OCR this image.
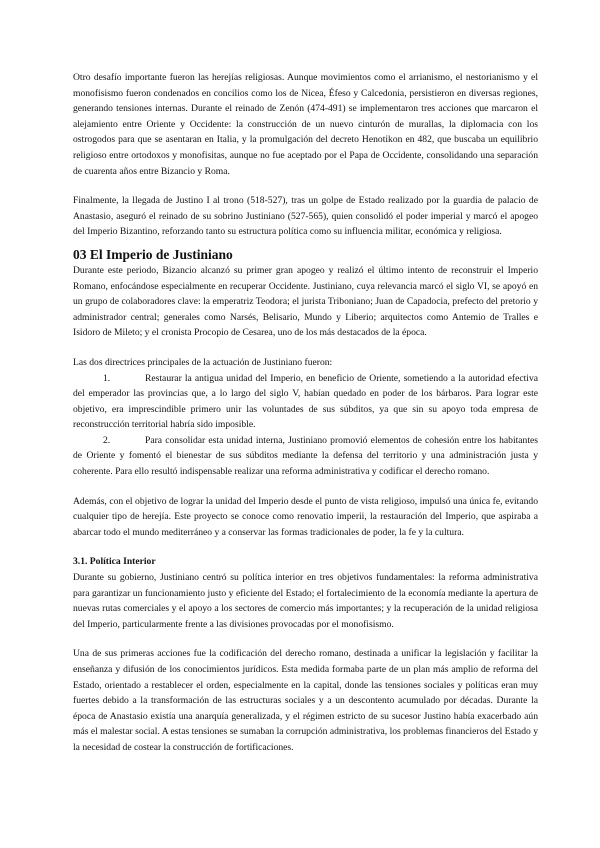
Otro desafío importante fueron las herejías religiosas. Aunque movimientos como el arrianismo, el nestorianismo y el monofisismo fueron condenados en concilios como los de Nicea, Éfeso y Calcedonia, persistieron en diversas regiones, generando tensiones internas. Durante el reinado de Zenón (474-491) se implementaron tres acciones que marcaron el alejamiento entre Oriente y Occidente: la construcción de un nuevo cinturón de murallas, la diplomacia con los ostrogodos para que se asentaran en Italia, y la promulgación del decreto Henotikon en 482, que buscaba un equilibrio religioso entre ortodoxos y monofisitas, aunque no fue aceptado por el Papa de Occidente, consolidando una separación de cuarenta años entre Bizancio y Roma.

Finalmente, la llegada de Justino I al trono (518-527), tras un golpe de Estado realizado por la guardia de palacio de Anastasio, aseguró el reinado de su sobrino Justiniano (527-565), quien consolidó el poder imperial y marcó el apogeo del Imperio Bizantino, reforzando tanto su estructura política como su influencia militar, económica y religiosa.

03 El Imperio de Justiniano

Durante este periodo, Bizancio alcanzó su primer gran apogeo y realizó el último intento de reconstruir el Imperio Romano, enfocándose especialmente en recuperar Occidente. Justiniano, cuya relevancia marcó el siglo VI, se apoyó en un grupo de colaboradores clave: la emperatriz Teodora; el jurista Triboniano; Juan de Capadocia, prefecto del pretorio y administrador central; generales como Narsés, Belisario, Mundo y Liberio; arquitectos como Antemio de Tralles e Isidoro de Mileto; y el cronista Procopio de Cesarea, uno de los más destacados de la época.

Las dos directrices principales de la actuación de Justiniano fueron:

1.	Restaurar la antigua unidad del Imperio, en beneficio de Oriente, sometiendo a la autoridad efectiva del emperador las provincias que, a lo largo del siglo V, habían quedado en poder de los bárbaros. Para lograr este objetivo, era imprescindible primero unir las voluntades de sus súbditos, ya que sin su apoyo toda empresa de reconstrucción territorial habría sido imposible.

2.	Para consolidar esta unidad interna, Justiniano promovió elementos de cohesión entre los habitantes de Oriente y fomentó el bienestar de sus súbditos mediante la defensa del territorio y una administración justa y coherente. Para ello resultó indispensable realizar una reforma administrativa y codificar el derecho romano.

Además, con el objetivo de lograr la unidad del Imperio desde el punto de vista religioso, impulsó una única fe, evitando cualquier tipo de herejía. Este proyecto se conoce como renovatio imperii, la restauración del Imperio, que aspiraba a abarcar todo el mundo mediterráneo y a conservar las formas tradicionales de poder, la fe y la cultura.

3.1. Política Interior

Durante su gobierno, Justiniano centró su política interior en tres objetivos fundamentales: la reforma administrativa para garantizar un funcionamiento justo y eficiente del Estado; el fortalecimiento de la economía mediante la apertura de nuevas rutas comerciales y el apoyo a los sectores de comercio más importantes; y la recuperación de la unidad religiosa del Imperio, particularmente frente a las divisiones provocadas por el monofisismo.

Una de sus primeras acciones fue la codificación del derecho romano, destinada a unificar la legislación y facilitar la enseñanza y difusión de los conocimientos jurídicos. Esta medida formaba parte de un plan más amplio de reforma del Estado, orientado a restablecer el orden, especialmente en la capital, donde las tensiones sociales y políticas eran muy fuertes debido a la transformación de las estructuras sociales y a un descontento acumulado por décadas. Durante la época de Anastasio existía una anarquía generalizada, y el régimen estricto de su sucesor Justino había exacerbado aún más el malestar social. A estas tensiones se sumaban la corrupción administrativa, los problemas financieros del Estado y la necesidad de costear la construcción de fortificaciones.
